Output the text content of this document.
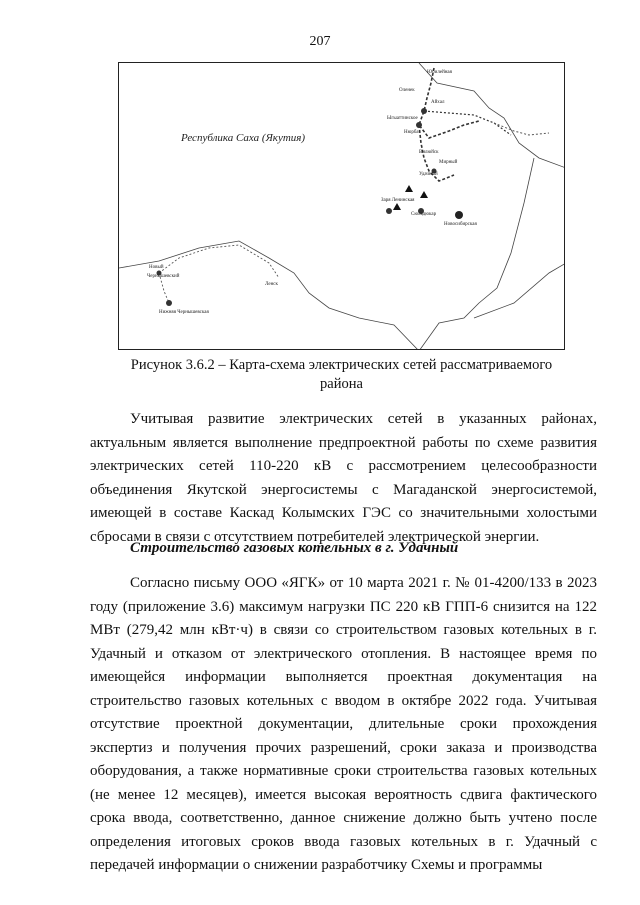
207
Юбилейная
Оленек
Айхал
Ыгыаттинское
Нюрба
Вилюйск
Мирный
Удачный
Заря Ленинская
Сюльдюкар
Новосибирская
Ленск
Новый
Чернышевский
Нижняя Чернышевская
Республика Саха (Якутия)
Рисунок 3.6.2 – Карта-схема электрических сетей рассматриваемого
района

Учитывая развитие электрических сетей в указанных районах, актуальным является выполнение предпроектной работы по схеме развития электрических сетей 110-220 кВ с рассмотрением целесообразности объединения Якутской энергосистемы с Магаданской энергосистемой, имеющей в составе Каскад Колымских ГЭС со значительными холостыми сбросами в связи с отсутствием потребителей электрической энергии.

Строительство газовых котельных в г. Удачный

Согласно письму ООО «ЯГК» от 10 марта 2021 г. № 01-4200/133 в 2023 году (приложение 3.6) максимум нагрузки ПС 220 кВ ГПП-6 снизится на 122 МВт (279,42 млн кВт·ч) в связи со строительством газовых котельных в г. Удачный и отказом от электрического отопления. В настоящее время по имеющейся информации выполняется проектная документация на строительство газовых котельных с вводом в октябре 2022 года. Учитывая отсутствие проектной документации, длительные сроки прохождения экспертиз и получения прочих разрешений, сроки заказа и производства оборудования, а также нормативные сроки строительства газовых котельных (не менее 12 месяцев), имеется высокая вероятность сдвига фактического срока ввода, соответственно, данное снижение должно быть учтено после определения итоговых сроков ввода газовых котельных в г. Удачный с передачей информации о снижении разработчику Схемы и программы
